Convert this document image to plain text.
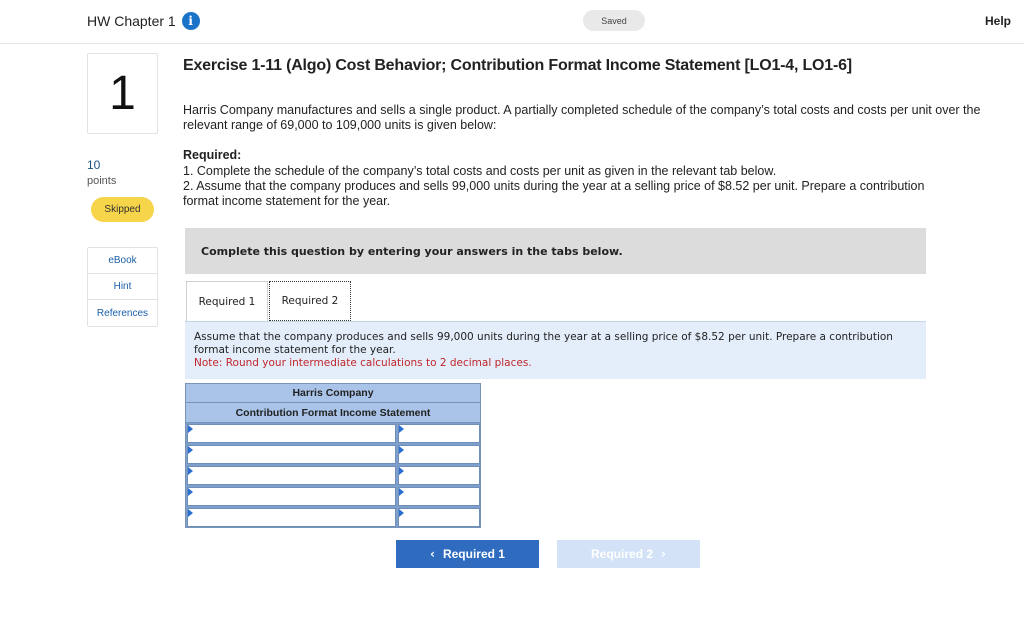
HW Chapter 1	i	Saved	Help
1
10
points
Skipped
eBook
Hint
References
Exercise 1-11 (Algo) Cost Behavior; Contribution Format Income Statement [LO1-4, LO1-6]
Harris Company manufactures and sells a single product. A partially completed schedule of the company’s total costs and costs per unit over the relevant range of 69,000 to 109,000 units is given below:
Required:
1. Complete the schedule of the company’s total costs and costs per unit as given in the relevant tab below.
2. Assume that the company produces and sells 99,000 units during the year at a selling price of $8.52 per unit. Prepare a contribution format income statement for the year.
Complete this question by entering your answers in the tabs below.
Required 1	Required 2
Assume that the company produces and sells 99,000 units during the year at a selling price of $8.52 per unit. Prepare a contribution format income statement for the year.
Note: Round your intermediate calculations to 2 decimal places.
Harris Company
Contribution Format Income Statement
‹ Required 1	Required 2 ›
